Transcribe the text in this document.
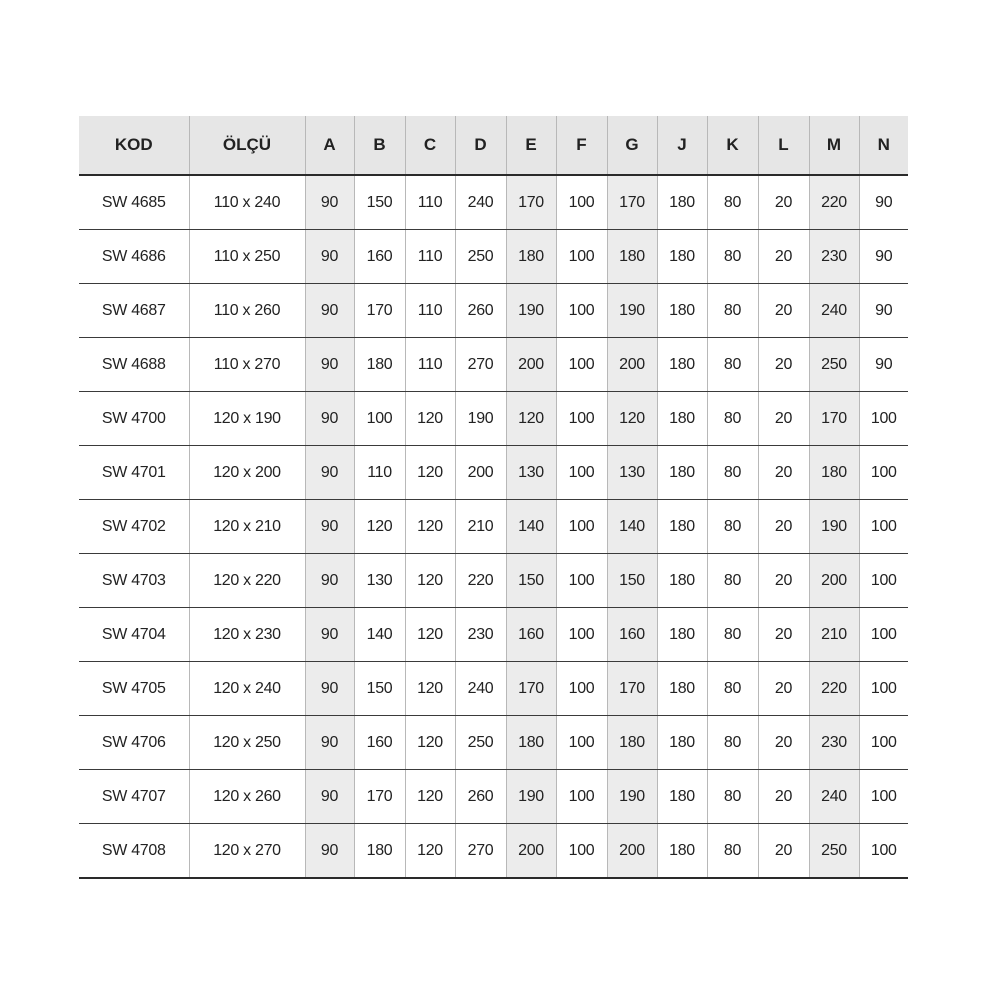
KOD	ÖLÇÜ	A	B	C	D	E	F	G	J	K	L	M	N
SW 4685	110 x 240	90	150	110	240	170	100	170	180	80	20	220	90
SW 4686	110 x 250	90	160	110	250	180	100	180	180	80	20	230	90
SW 4687	110 x 260	90	170	110	260	190	100	190	180	80	20	240	90
SW 4688	110 x 270	90	180	110	270	200	100	200	180	80	20	250	90
SW 4700	120 x 190	90	100	120	190	120	100	120	180	80	20	170	100
SW 4701	120 x 200	90	110	120	200	130	100	130	180	80	20	180	100
SW 4702	120 x 210	90	120	120	210	140	100	140	180	80	20	190	100
SW 4703	120 x 220	90	130	120	220	150	100	150	180	80	20	200	100
SW 4704	120 x 230	90	140	120	230	160	100	160	180	80	20	210	100
SW 4705	120 x 240	90	150	120	240	170	100	170	180	80	20	220	100
SW 4706	120 x 250	90	160	120	250	180	100	180	180	80	20	230	100
SW 4707	120 x 260	90	170	120	260	190	100	190	180	80	20	240	100
SW 4708	120 x 270	90	180	120	270	200	100	200	180	80	20	250	100
